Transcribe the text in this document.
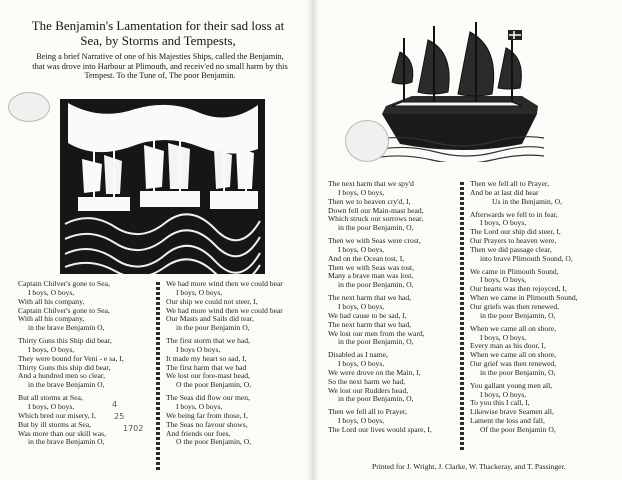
The Benjamin's Lamentation for their sad loss at
Sea, by Storms and Tempests,
Being a brief Narrative of one of his Majesties Ships, called the Benjamin,
that was drove into Harbour at Plimouth, and receiv'ed no small harm by this
Tempest. To the Tune of, The poor Benjamin.
Captain Chilver's gone to Sea,
I boys, O boys,
With all his company,
Captain Chilver's gone to Sea,
With all his company,
in the brave Benjamin O,
Thirty Guns this Ship did bear,
I boys, O boys,
They were bound for Veni - e sa, I,
Thirty Guns this ship did bear,
And a hundred men so clear,
in the brave Benjamin O,
But all storms at Sea,
I boys, O boys,
Which bred our misery, I,
But by ill storms at Sea,
Was more than our skill was,
in the brave Benjamin O,
4
25
1702
We had more wind then we could bear
I boys, O boys,
Our ship we could not steer, I,
We had more wind then we could bear
Our Masts and Sails did tear,
in the poor Benjamin O,
The first storm that we had,
I boys O boys,
It made my heart so sad, I,
The first harm that we had
We lost our fore-mast head,
O the poor Benjamin, O,
The Seas did flow our men,
I boys, O boys,
We being far from those, I,
The Seas no favour shows,
And friends our foes,
O the poor Benjamin, O,
The next harm that we spy'd
I boys, O boys,
Then we to heaven cry'd, I,
Down fell our Main-mast head,
Which struck our sorrows near,
in the poor Benjamin, O,
Then we with Seas were crost,
I boys, O boys,
And on the Ocean tost, I,
Then we with Seas was tost,
Many a brave man was lost,
in the poor Benjamin, O,
The next harm that we had,
I boys, O boys,
We had cause to be sad, I,
The next harm that we had,
We lost our men from the ward,
in the poor Benjamin, O,
Disabled as I name,
I boys, O boys,
We were drove on the Main, I,
So the next harm we had,
We lost our Rudders head,
in the poor Benjamin, O,
Then we fell all to Prayer,
I boys, O boys,
The Lord our lives would spare, I,
Then we fell all to Prayer,
And be at last did hear
Us in the Benjamin, O,
Afterwards we fell to in fear,
I boys, O boys,
The Lord our ship did steer, I,
Our Prayers to heaven were,
Then we did passage clear,
into brave Plimouth Sound, O,
We came in Plimouth Sound,
I boys, O boys,
Our hearts was then rejoyced, I,
When we came in Plimouth Sound,
Our griefs was then renewed,
in the poor Benjamin, O,
When we came all on shore,
I boys, O boys,
Every man as his door, I,
When we came all on shore,
Our grief was then renewed,
in the poor Benjamin, O,
You gallant young men all,
I boys, O boys,
To you this I call, I,
Likewise brave Seamen all,
Lament the loss and fall,
Of the poor Benjamin O,
Printed for J. Wright, J. Clarke, W. Thackeray, and T. Passinger.
